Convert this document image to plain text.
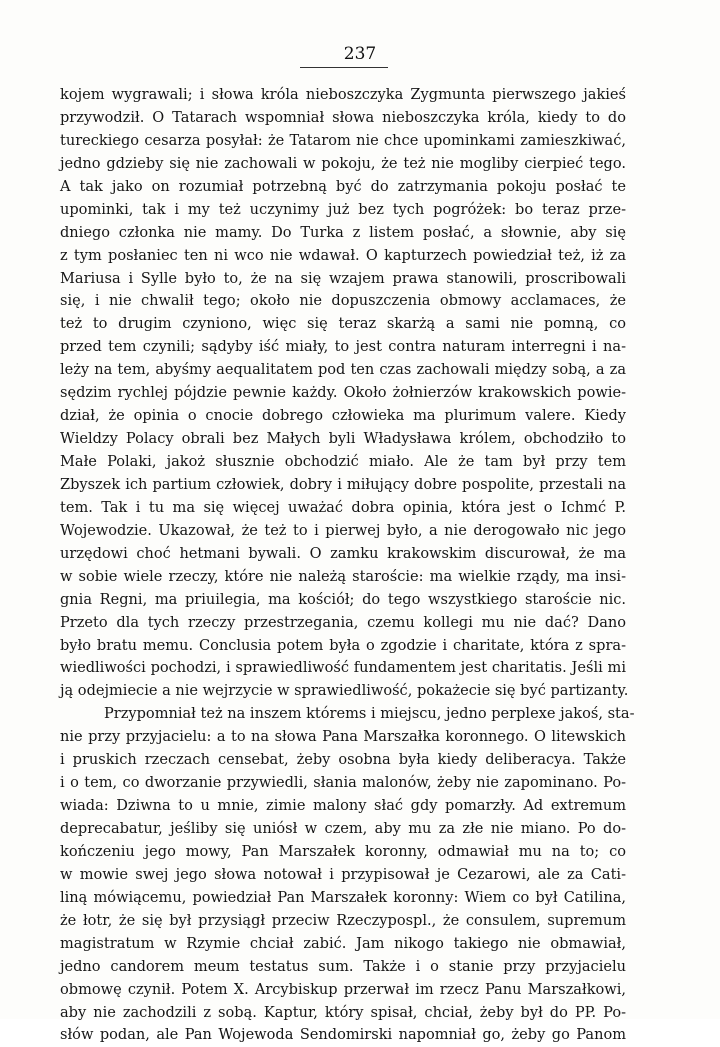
237
kojem wygrawali; i słowa króla nieboszczyka Zygmunta pierwszego jakieś
przywodził. O Tatarach wspomniał słowa nieboszczyka króla, kiedy to do
tureckiego cesarza posyłał: że Tatarom nie chce upominkami zamieszkiwać,
jedno gdzieby się nie zachowali w pokoju, że też nie mogliby cierpieć tego.
A tak jako on rozumiał potrzebną być do zatrzymania pokoju posłać te
upominki, tak i my też uczynimy już bez tych pogróżek: bo teraz prze-
dniego członka nie mamy. Do Turka z listem posłać, a słownie, aby się
z tym posłaniec ten ni wco nie wdawał. O kapturzech powiedział też, iż za
Mariusa i Sylle było to, że na się wzajem prawa stanowili, proscribowali
się, i nie chwalił tego; około nie dopuszczenia obmowy acclamaces, że
też to drugim czyniono, więc się teraz skarżą a sami nie pomną, co
przed tem czynili; sądyby iść miały, to jest contra naturam interregni i na-
leży na tem, abyśmy aequalitatem pod ten czas zachowali między sobą, a za
sędzim rychlej pójdzie pewnie każdy. Około żołnierzów krakowskich powie-
dział, że opinia o cnocie dobrego człowieka ma plurimum valere. Kiedy
Wieldzy Polacy obrali bez Małych byli Władysława królem, obchodziło to
Małe Polaki, jakoż słusznie obchodzić miało. Ale że tam był przy tem
Zbyszek ich partium człowiek, dobry i miłujący dobre pospolite, przestali na
tem. Tak i tu ma się więcej uważać dobra opinia, która jest o Ichmć P.
Wojewodzie. Ukazował, że też to i pierwej było, a nie derogowało nic jego
urzędowi choć hetmani bywali. O zamku krakowskim discurował, że ma
w sobie wiele rzeczy, które nie należą staroście: ma wielkie rządy, ma insi-
gnia Regni, ma priuilegia, ma kościół; do tego wszystkiego staroście nic.
Przeto dla tych rzeczy przestrzegania, czemu kollegi mu nie dać? Dano
było bratu memu. Conclusia potem była o zgodzie i charitate, która z spra-
wiedliwości pochodzi, i sprawiedliwość fundamentem jest charitatis. Jeśli mi
ją odejmiecie a nie wejrzycie w sprawiedliwość, pokażecie się być partizanty.
Przypomniał też na inszem którems i miejscu, jedno perplexe jakoś, sta-
nie przy przyjacielu: a to na słowa Pana Marszałka koronnego. O litewskich
i pruskich rzeczach censebat, żeby osobna była kiedy deliberacya. Także
i o tem, co dworzanie przywiedli, słania malonów, żeby nie zapominano. Po-
wiada: Dziwna to u mnie, zimie malony słać gdy pomarzły. Ad extremum
deprecabatur, jeśliby się uniósł w czem, aby mu za złe nie miano. Po do-
kończeniu jego mowy, Pan Marszałek koronny, odmawiał mu na to; co
w mowie swej jego słowa notował i przypisował je Cezarowi, ale za Cati-
liną mówiącemu, powiedział Pan Marszałek koronny: Wiem co był Catilina,
że łotr, że się był przysiągł przeciw Rzeczypospl., że consulem, supremum
magistratum w Rzymie chciał zabić. Jam nikogo takiego nie obmawiał,
jedno candorem meum testatus sum. Także i o stanie przy przyjacielu
obmowę czynił. Potem X. Arcybiskup przerwał im rzecz Panu Marszałkowi,
aby nie zachodzili z sobą. Kaptur, który spisał, chciał, żeby był do PP. Po-
słów podan, ale Pan Wojewoda Sendomirski napomniał go, żeby go Panom
